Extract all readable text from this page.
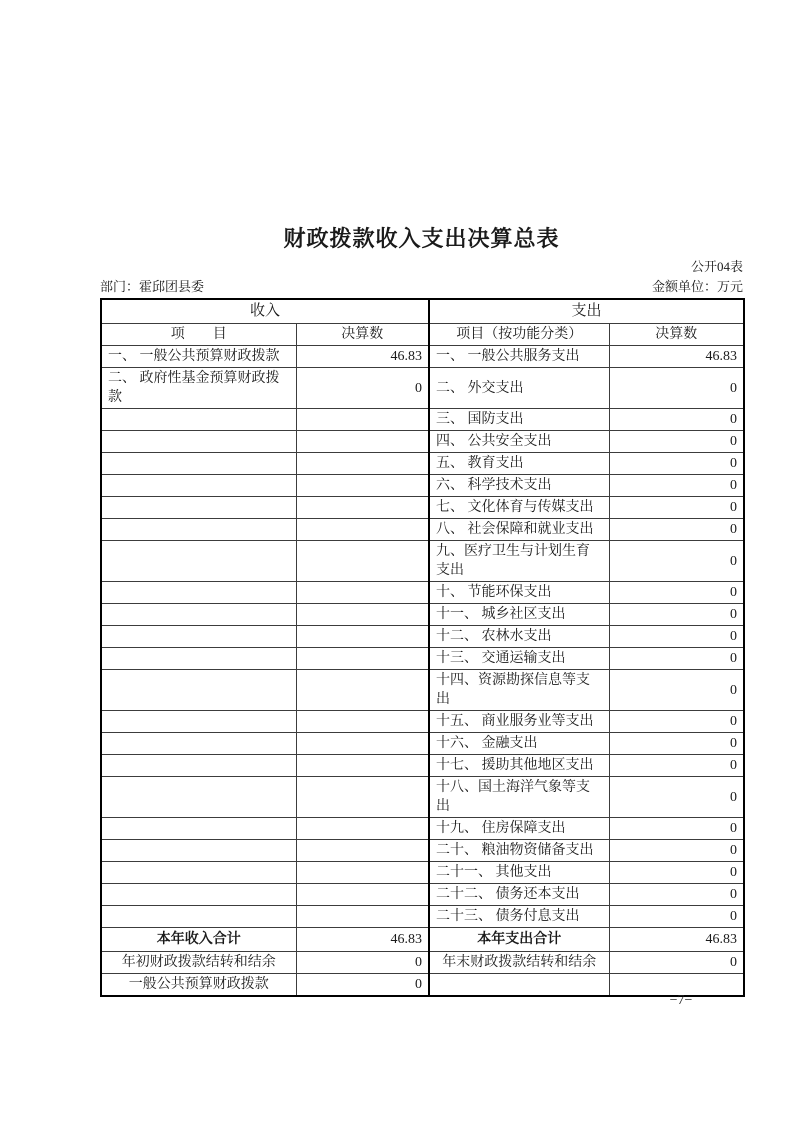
财政拨款收入支出决算总表
公开04表
部门：霍邱团县委	金额单位：万元
收入		支出	
项　　目	决算数	项目（按功能分类）	决算数
一、 一般公共预算财政拨款	46.83	一、 一般公共服务支出	46.83
二、 政府性基金预算财政拨款	0	二、 外交支出	0
		三、 国防支出	0
		四、 公共安全支出	0
		五、 教育支出	0
		六、 科学技术支出	0
		七、 文化体育与传媒支出	0
		八、 社会保障和就业支出	0
		九、医疗卫生与计划生育支出	0
		十、 节能环保支出	0
		十一、 城乡社区支出	0
		十二、 农林水支出	0
		十三、 交通运输支出	0
		十四、资源勘探信息等支出	0
		十五、 商业服务业等支出	0
		十六、 金融支出	0
		十七、 援助其他地区支出	0
		十八、国土海洋气象等支出	0
		十九、 住房保障支出	0
		二十、 粮油物资储备支出	0
		二十一、 其他支出	0
		二十二、 债务还本支出	0
		二十三、 债务付息支出	0
本年收入合计	46.83	本年支出合计	46.83
年初财政拨款结转和结余	0	年末财政拨款结转和结余	0
一般公共预算财政拨款	0		
−7−
